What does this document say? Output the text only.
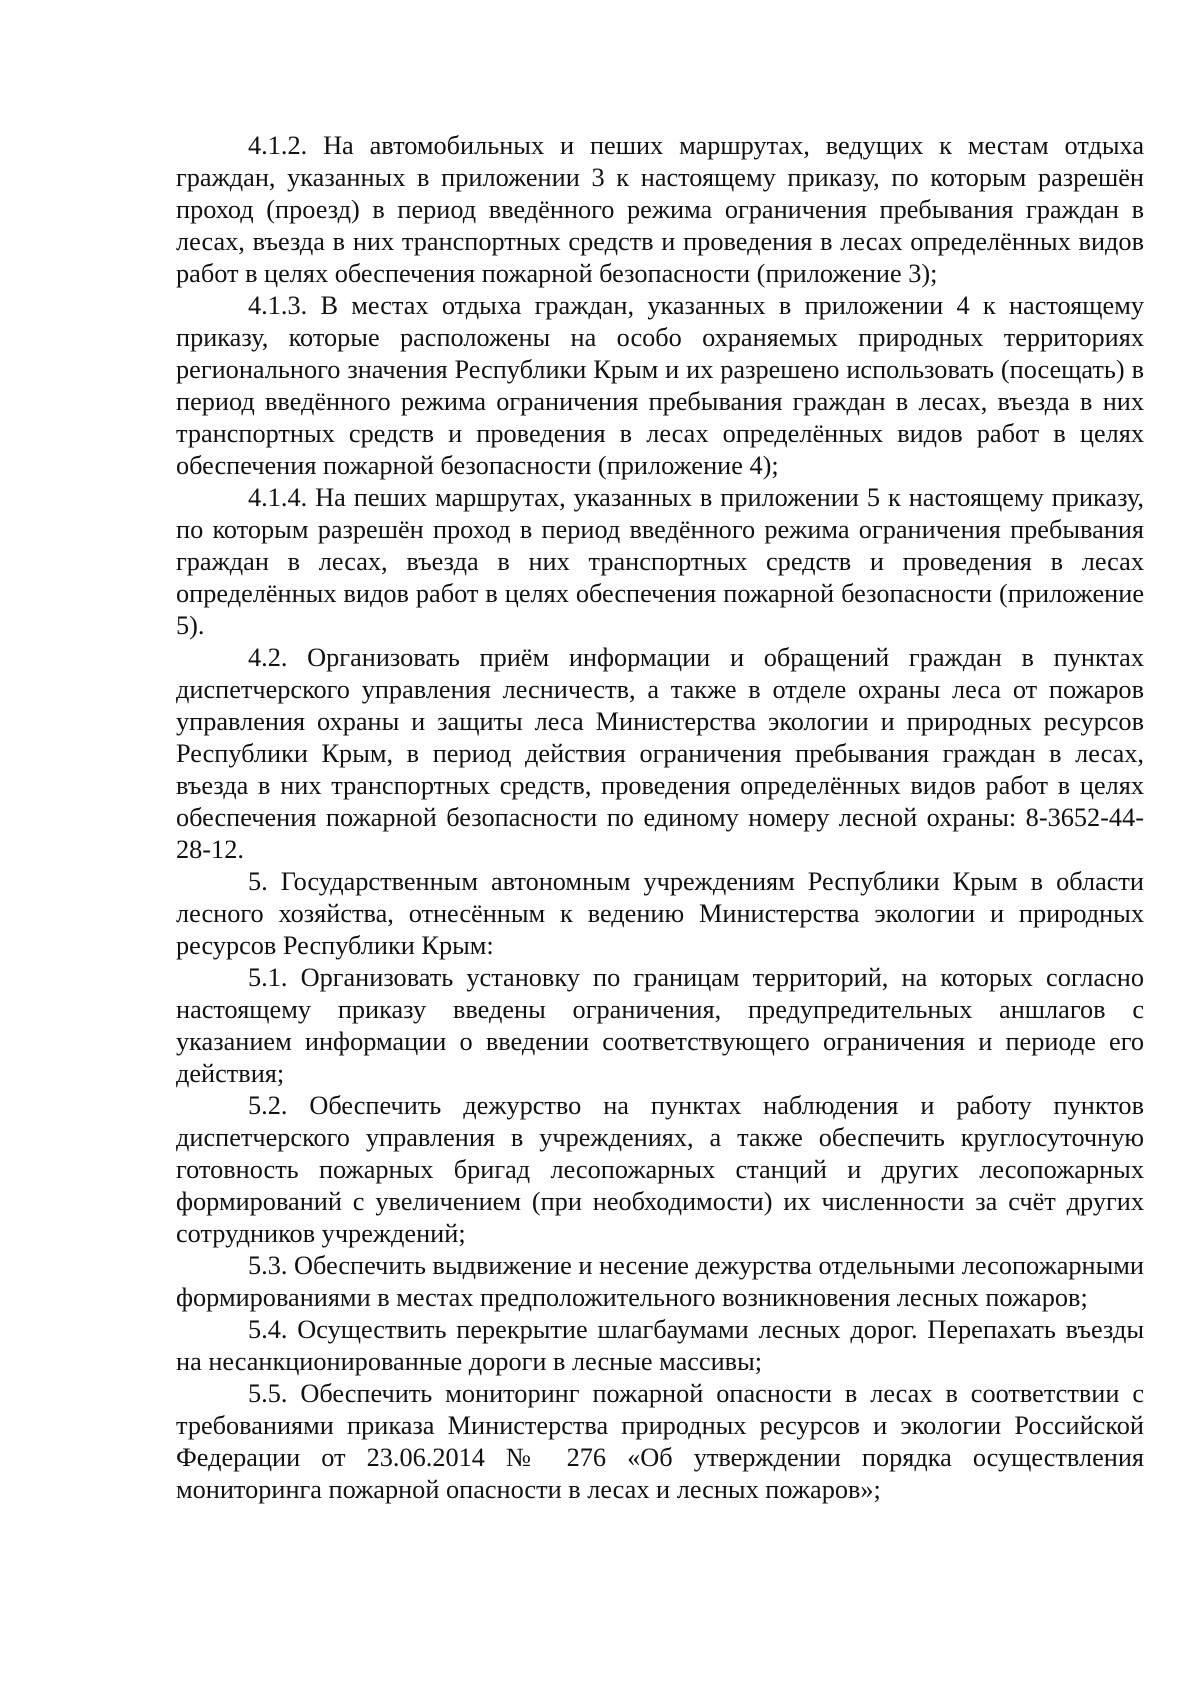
4.1.2. На автомобильных и пеших маршрутах, ведущих к местам отдыха граждан, указанных в приложении 3 к настоящему приказу, по которым разрешён проход (проезд) в период введённого режима ограничения пребывания граждан в лесах, въезда в них транспортных средств и проведения в лесах определённых видов работ в целях обеспечения пожарной безопасности (приложение 3);

4.1.3. В местах отдыха граждан, указанных в приложении 4 к настоящему приказу, которые расположены на особо охраняемых природных территориях регионального значения Республики Крым и их разрешено использовать (посещать) в период введённого режима ограничения пребывания граждан в лесах, въезда в них транспортных средств и проведения в лесах определённых видов работ в целях обеспечения пожарной безопасности (приложение 4);

4.1.4. На пеших маршрутах, указанных в приложении 5 к настоящему приказу, по которым разрешён проход в период введённого режима ограничения пребывания граждан в лесах, въезда в них транспортных средств и проведения в лесах определённых видов работ в целях обеспечения пожарной безопасности (приложение 5).

4.2. Организовать приём информации и обращений граждан в пунктах диспетчерского управления лесничеств, а также в отделе охраны леса от пожаров управления охраны и защиты леса Министерства экологии и природных ресурсов Республики Крым, в период действия ограничения пребывания граждан в лесах, въезда в них транспортных средств, проведения определённых видов работ в целях обеспечения пожарной безопасности по единому номеру лесной охраны: 8-3652-44-28-12.

5. Государственным автономным учреждениям Республики Крым в области лесного хозяйства, отнесённым к ведению Министерства экологии и природных ресурсов Республики Крым:

5.1. Организовать установку по границам территорий, на которых согласно настоящему приказу введены ограничения, предупредительных аншлагов с указанием информации о введении соответствующего ограничения и периоде его действия;

5.2. Обеспечить дежурство на пунктах наблюдения и работу пунктов диспетчерского управления в учреждениях, а также обеспечить круглосуточную готовность пожарных бригад лесопожарных станций и других лесопожарных формирований с увеличением (при необходимости) их численности за счёт других сотрудников учреждений;

5.3. Обеспечить выдвижение и несение дежурства отдельными лесопожарными формированиями в местах предположительного возникновения лесных пожаров;

5.4. Осуществить перекрытие шлагбаумами лесных дорог. Перепахать въезды на несанкционированные дороги в лесные массивы;

5.5. Обеспечить мониторинг пожарной опасности в лесах в соответствии с требованиями приказа Министерства природных ресурсов и экологии Российской Федерации от 23.06.2014 № 276 «Об утверждении порядка осуществления мониторинга пожарной опасности в лесах и лесных пожаров»;
